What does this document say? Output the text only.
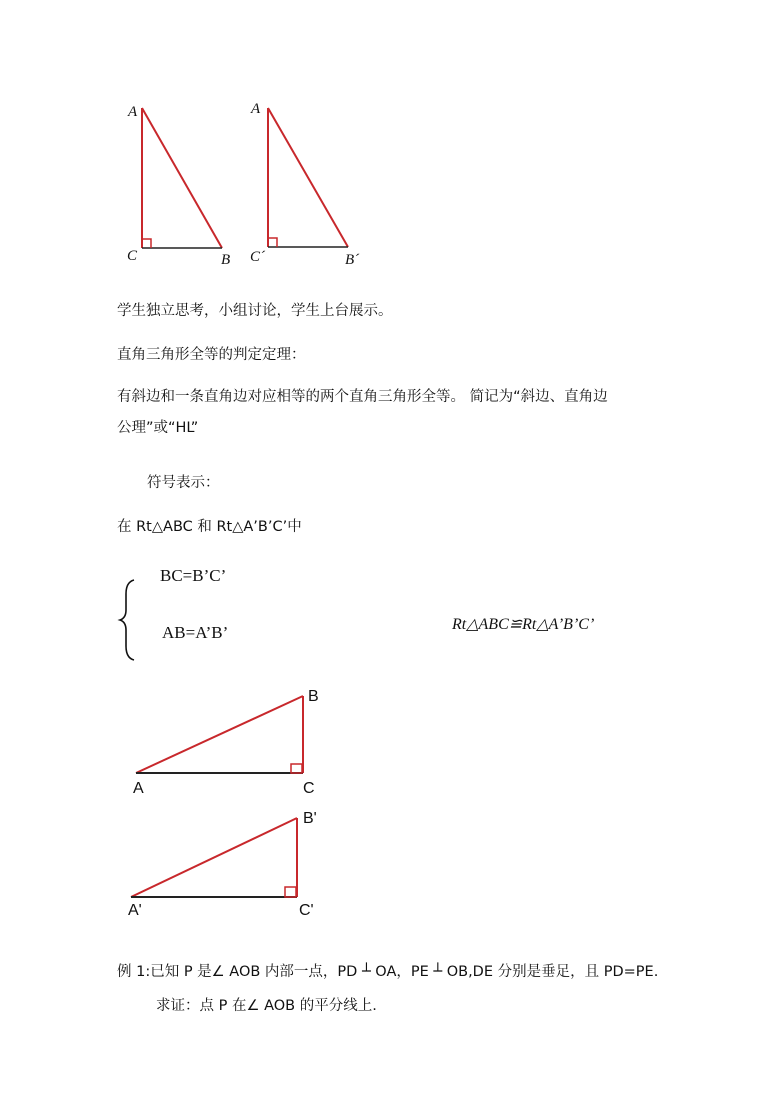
A
C	B
A
C´	B´
学生独立思考，小组讨论，学生上台展示。
直角三角形全等的判定定理：
有斜边和一条直角边对应相等的两个直角三角形全等。 简记为“斜边、直角边
公理”或“HL”
符号表示：
在 Rt△ABC 和 Rt△A’B’C’中
BC=B’C’
AB=A’B’	Rt△ABC≌Rt△A’B’C’
B
A	C
B'
A'	C'
例 1:已知 P 是∠ AOB 内部一点，PD ┴ OA，PE ┴ OB,DE 分别是垂足，且 PD=PE.
求证：点 P 在∠ AOB 的平分线上.
